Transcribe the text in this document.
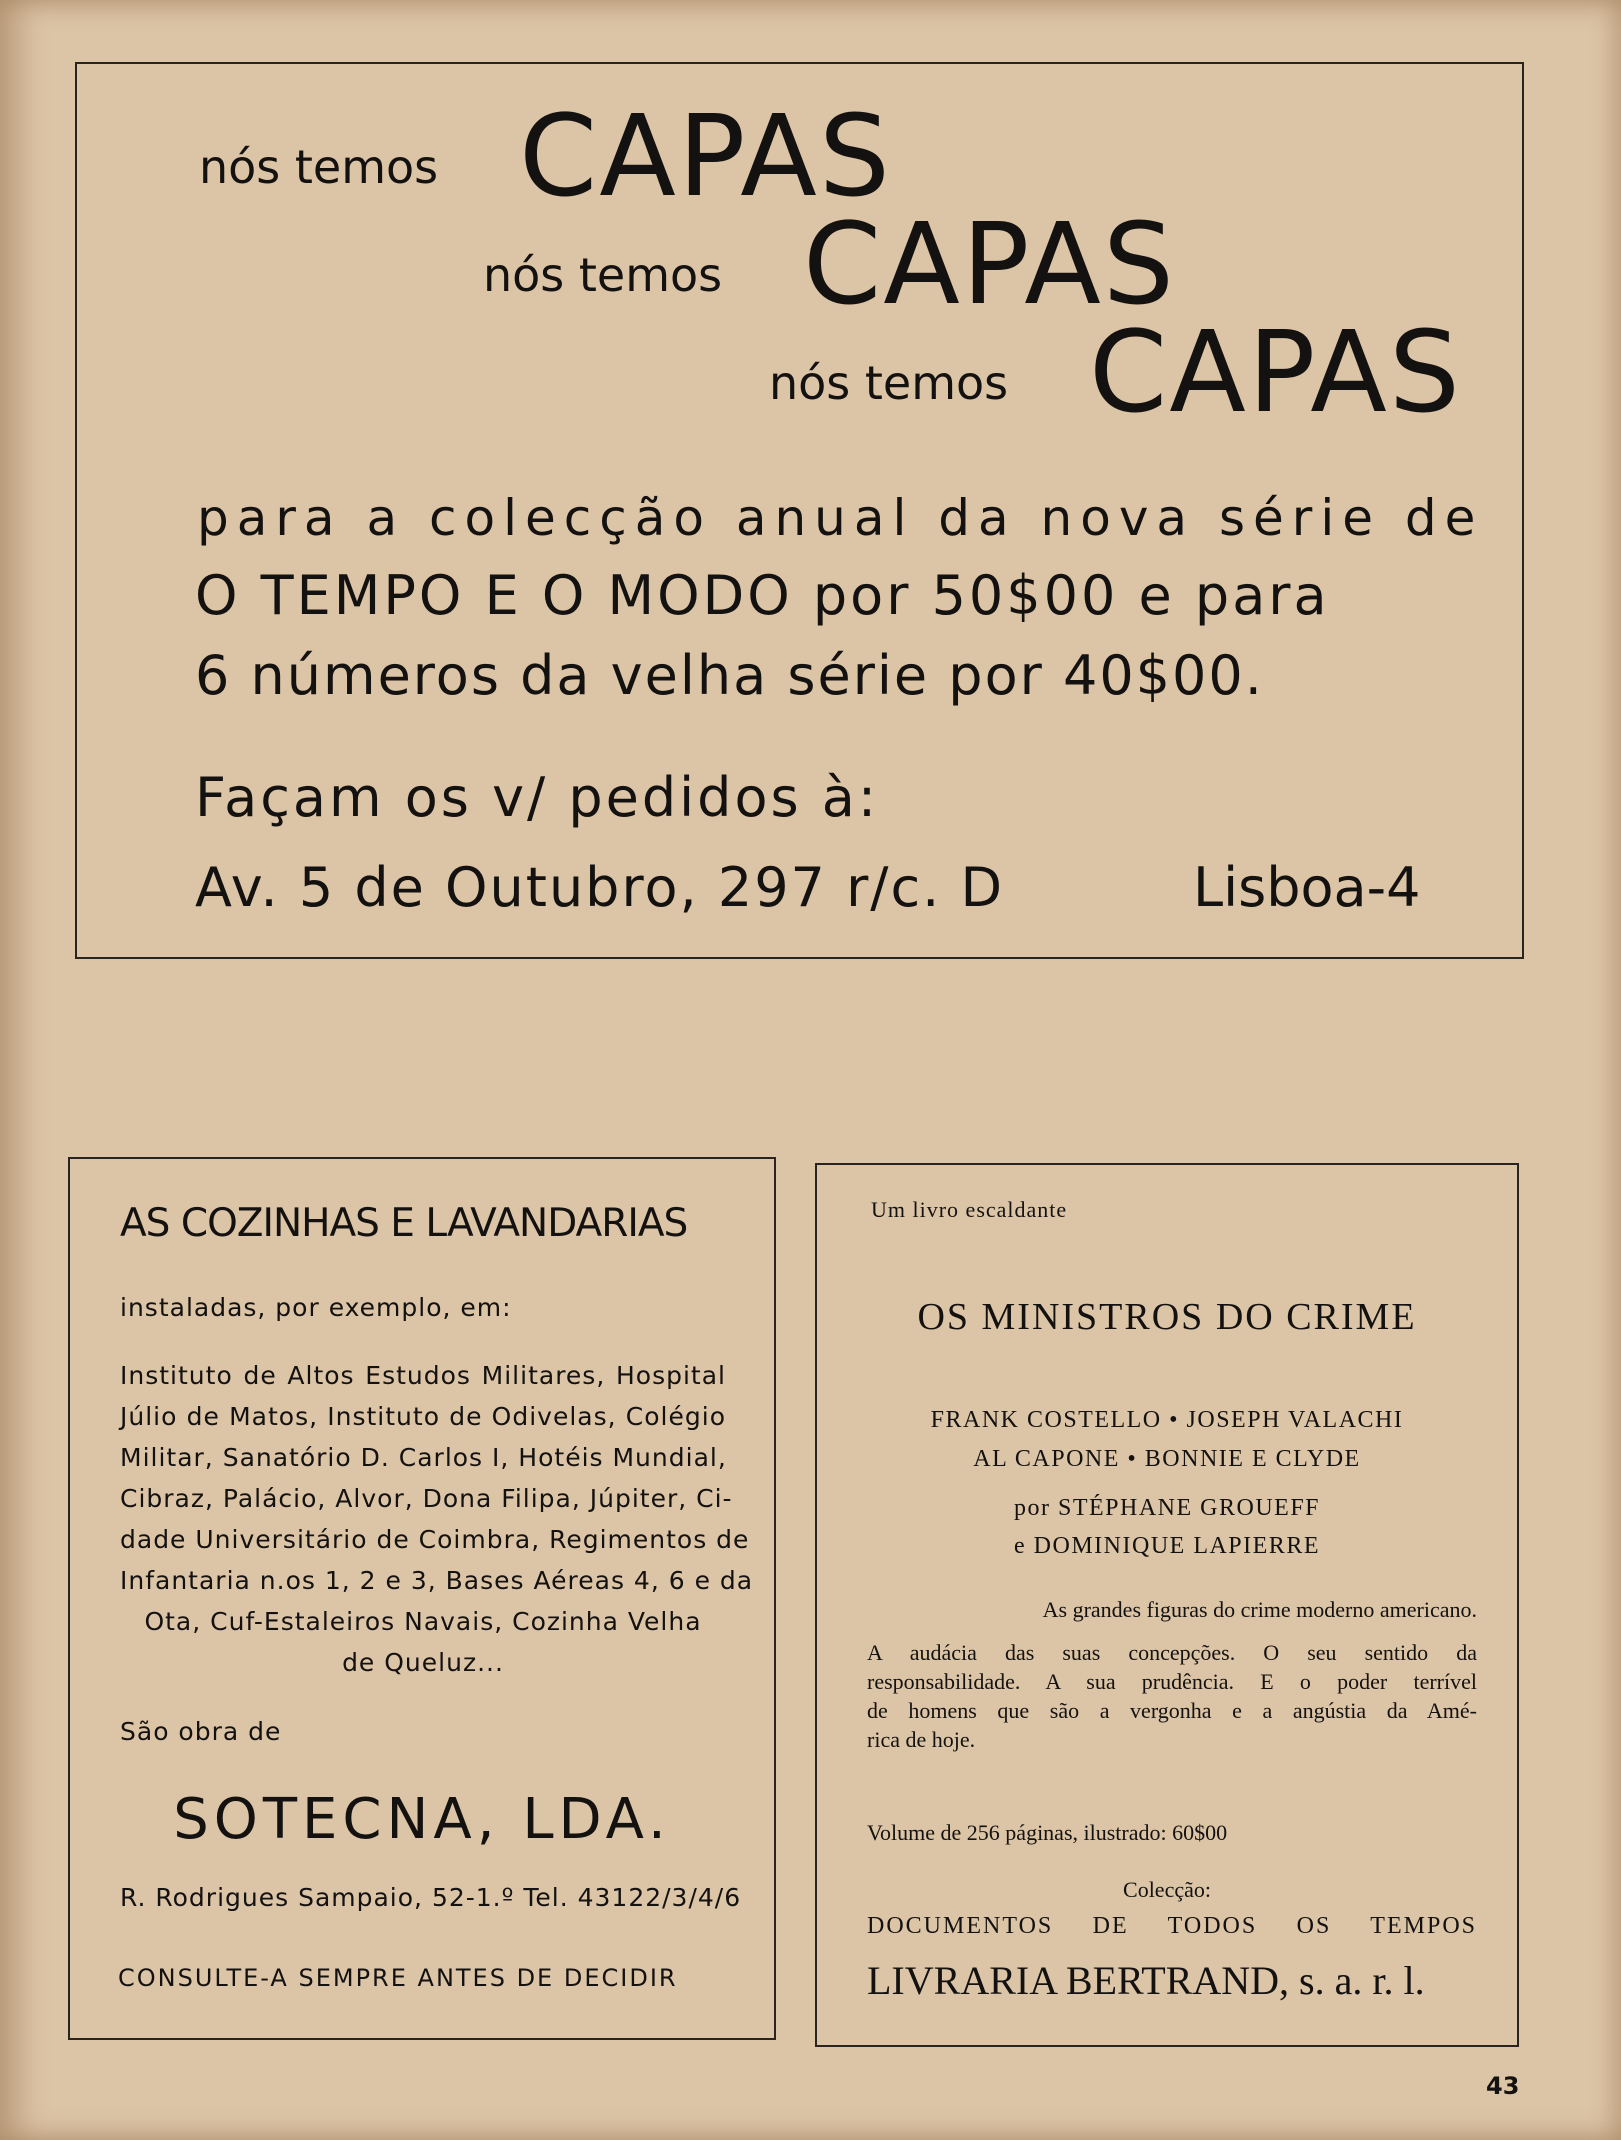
nós temos CAPAS
nós temos CAPAS
nós temos CAPAS
para a colecção anual da nova série de
O TEMPO E O MODO por 50$00 e para
6 números da velha série por 40$00.
Façam os v/ pedidos à:
Av. 5 de Outubro, 297 r/c. D	Lisboa-4
AS COZINHAS E LAVANDARIAS
instaladas, por exemplo, em:
Instituto de Altos Estudos Militares, Hospital
Júlio de Matos, Instituto de Odivelas, Colégio
Militar, Sanatório D. Carlos I, Hotéis Mundial,
Cibraz, Palácio, Alvor, Dona Filipa, Júpiter, Ci-
dade Universitário de Coimbra, Regimentos de
Infantaria n.os 1, 2 e 3, Bases Aéreas 4, 6 e da
Ota, Cuf-Estaleiros Navais, Cozinha Velha
de Queluz...
São obra de
SOTECNA, LDA.
R. Rodrigues Sampaio, 52-1.º Tel. 43122/3/4/6
CONSULTE-A SEMPRE ANTES DE DECIDIR
Um livro escaldante
OS MINISTROS DO CRIME
FRANK COSTELLO • JOSEPH VALACHI
AL CAPONE • BONNIE E CLYDE
por STÉPHANE GROUEFF
e DOMINIQUE LAPIERRE
As grandes figuras do crime moderno americano.
A audácia das suas concepções. O seu sentido da
responsabilidade. A sua prudência. E o poder terrível
de homens que são a vergonha e a angústia da Amé-
rica de hoje.
Volume de 256 páginas, ilustrado: 60$00
Colecção:
DOCUMENTOS DE TODOS OS TEMPOS
LIVRARIA BERTRAND, s. a. r. l.
43
